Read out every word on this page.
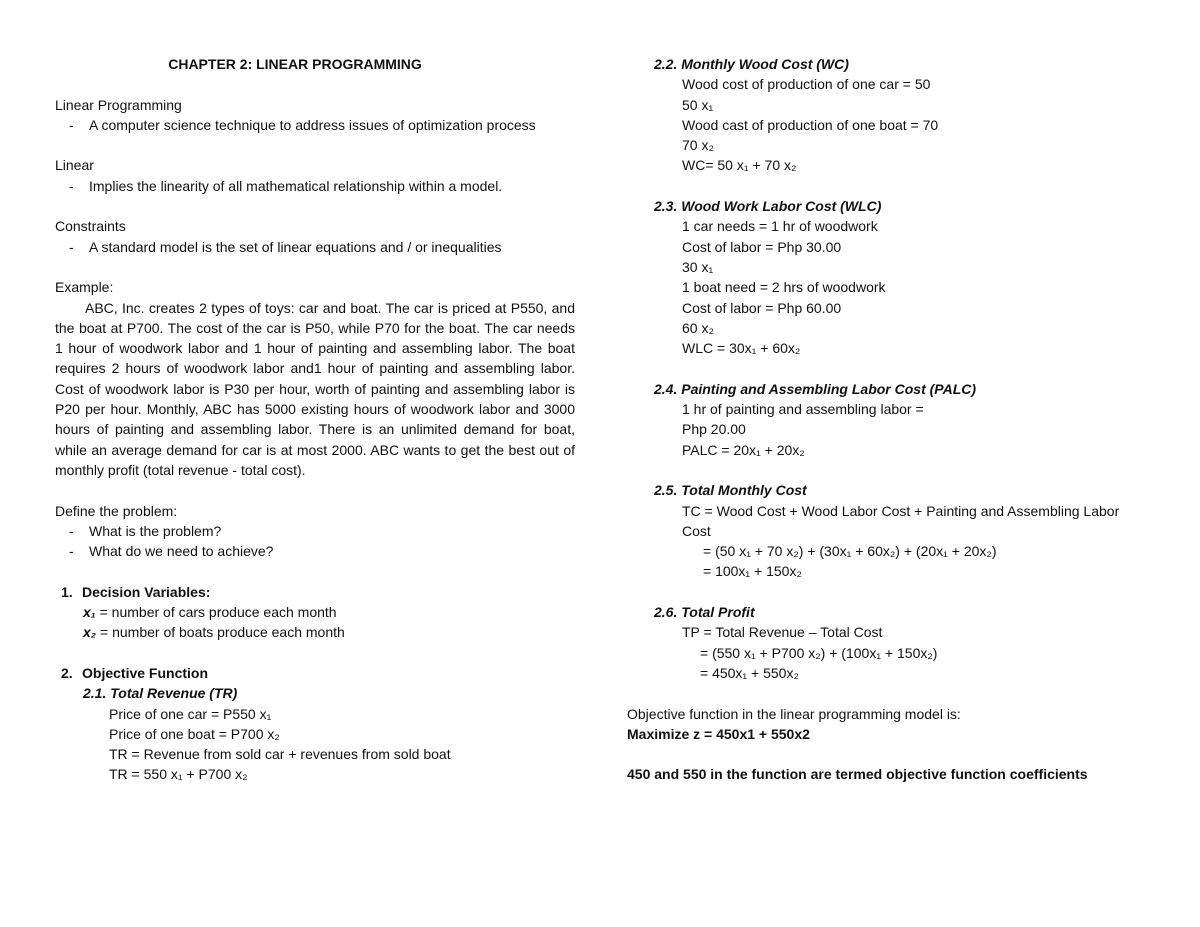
CHAPTER 2: LINEAR PROGRAMMING
Linear Programming
- A computer science technique to address issues of optimization process
Linear
- Implies the linearity of all mathematical relationship within a model.
Constraints
- A standard model is the set of linear equations and / or inequalities
Example:

ABC, Inc. creates 2 types of toys: car and boat. The car is priced at P550, and the boat at P700. The cost of the car is P50, while P70 for the boat. The car needs 1 hour of woodwork labor and 1 hour of painting and assembling labor. The boat requires 2 hours of woodwork labor and1 hour of painting and assembling labor. Cost of woodwork labor is P30 per hour, worth of painting and assembling labor is P20 per hour. Monthly, ABC has 5000 existing hours of woodwork labor and 3000 hours of painting and assembling labor. There is an unlimited demand for boat, while an average demand for car is at most 2000. ABC wants to get the best out of monthly profit (total revenue - total cost).

Define the problem:
- What is the problem?
- What do we need to achieve?
1. Decision Variables:
x₁ = number of cars produce each month
x₂ = number of boats produce each month
2. Objective Function
2.1. Total Revenue (TR)
Price of one car = P550 x₁
Price of one boat = P700 x₂
TR = Revenue from sold car + revenues from sold boat
TR = 550 x₁ + P700 x₂
2.2. Monthly Wood Cost (WC)
Wood cost of production of one car = 50
50 x₁
Wood cast of production of one boat = 70
70 x₂
WC= 50 x₁ + 70 x₂
2.3. Wood Work Labor Cost (WLC)
1 car needs = 1 hr of woodwork
Cost of labor = Php 30.00
30 x₁
1 boat need = 2 hrs of woodwork
Cost of labor = Php 60.00
60 x₂
WLC = 30x₁ + 60x₂
2.4. Painting and Assembling Labor Cost (PALC)
1 hr of painting and assembling labor =
Php 20.00
PALC = 20x₁ + 20x₂
2.5. Total Monthly Cost
TC = Wood Cost + Wood Labor Cost + Painting and Assembling Labor
Cost
= (50 x₁ + 70 x₂) + (30x₁ + 60x₂) + (20x₁ + 20x₂)
= 100x₁ + 150x₂
2.6. Total Profit
TP = Total Revenue – Total Cost
= (550 x₁ + P700 x₂) + (100x₁ + 150x₂)
= 450x₁ + 550x₂
Objective function in the linear programming model is:
Maximize z = 450x1 + 550x2
450 and 550 in the function are termed objective function coefficients
